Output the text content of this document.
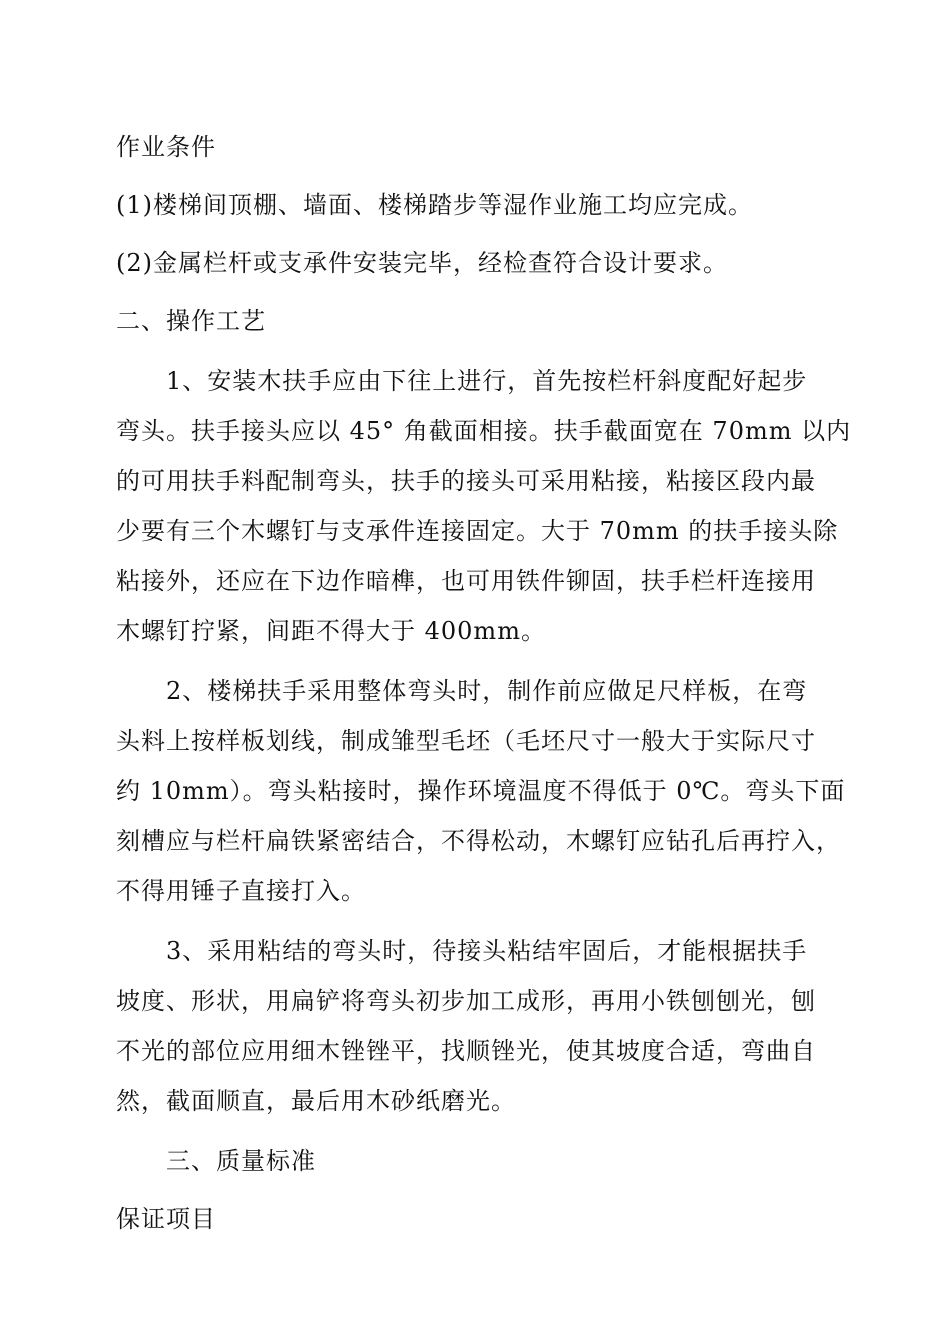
作业条件
(1)楼梯间顶棚、墙面、楼梯踏步等湿作业施工均应完成。
(2)金属栏杆或支承件安装完毕，经检查符合设计要求。
二、操作工艺
1、安装木扶手应由下往上进行，首先按栏杆斜度配好起步
弯头。扶手接头应以 45° 角截面相接。扶手截面宽在 70mm 以内
的可用扶手料配制弯头，扶手的接头可采用粘接，粘接区段内最
少要有三个木螺钉与支承件连接固定。大于 70mm 的扶手接头除
粘接外，还应在下边作暗榫，也可用铁件铆固，扶手栏杆连接用
木螺钉拧紧，间距不得大于 400mm。
2、楼梯扶手采用整体弯头时，制作前应做足尺样板，在弯
头料上按样板划线，制成雏型毛坯（毛坯尺寸一般大于实际尺寸
约 10mm）。弯头粘接时，操作环境温度不得低于 0℃。弯头下面
刻槽应与栏杆扁铁紧密结合，不得松动，木螺钉应钻孔后再拧入，
不得用锤子直接打入。
3、采用粘结的弯头时，待接头粘结牢固后，才能根据扶手
坡度、形状，用扁铲将弯头初步加工成形，再用小铁刨刨光，刨
不光的部位应用细木锉锉平，找顺锉光，使其坡度合适，弯曲自
然，截面顺直，最后用木砂纸磨光。
三、质量标准
保证项目
